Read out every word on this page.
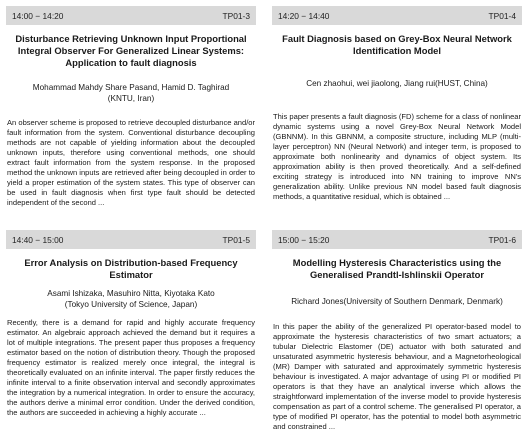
14:00 − 14:20	TP01-3
Disturbance Retrieving Unknown Input Proportional Integral Observer For Generalized Linear Systems: Application to fault diagnosis
Mohammad Mahdy Share Pasand, Hamid D. Taghirad
(KNTU, Iran)
An observer scheme is proposed to retrieve decoupled disturbance and/or fault information from the system. Conventional disturbance decoupling methods are not capable of yielding information about the decoupled unknown inputs, therefore using conventional methods, one should extract fault information from the system response. In the proposed method the unknown inputs are retrieved after being decoupled in order to yield a proper estimation of the system states. This type of observer can be used in fault diagnosis when first type fault should be detected independent of the second ...
14:20 − 14:40	TP01-4
Fault Diagnosis based on Grey-Box Neural Network Identification Model
Cen zhaohui, wei jiaolong, Jiang rui(HUST, China)
This paper presents a fault diagnosis (FD) scheme for a class of nonlinear dynamic systems using a novel Grey-Box Neural Network Model (GBNNM). In this GBNNM, a composite structure, including MLP (multi-layer perceptron) NN (Neural Network) and integer term, is proposed to approximate both nonlinearity and dynamics of object system. Its approximation ability is then proved theoretically. And a self-defined exciting strategy is introduced into NN training to improve NN's generalization ability. Unlike previous NN model based fault diagnosis methods, a quantitative residual, which is obtained ...
14:40 − 15:00	TP01-5
Error Analysis on Distribution-based Frequency Estimator
Asami Ishizaka, Masuhiro Nitta, Kiyotaka Kato
(Tokyo University of Science, Japan)
Recently, there is a demand for rapid and highly accurate frequency estimator. An algebraic approach achieved the demand but it requires a lot of multiple integrations. The present paper thus proposes a frequency estimator based on the notion of distribution theory. Though the proposed frequency estimator is realized merely once integral, the integral is theoretically evaluated on an infinite interval. The paper firstly reduces the infinite interval to a finite observation interval and secondly approximates the integration by a numerical integration. In order to ensure the accuracy, the authors derive a minimal error condition. Under the derived condition, the authors are succeeded in achieving a highly accurate ...
15:00 − 15:20	TP01-6
Modelling Hysteresis Characteristics using the Generalised Prandtl-Ishlinskii Operator
Richard Jones(University of Southern Denmark, Denmark)
In this paper the ability of the generalized PI operator-based model to approximate the hysteresis characteristics of two smart actuators; a tubular Dielectric Elastomer (DE) actuator with both saturated and unsaturated asymmetric hysteresis behaviour, and a Magnetorheological (MR) Damper with saturated and approximately symmetric hysteresis behaviour is investigated. A major advantage of using PI or modified PI operators is that they have an analytical inverse which allows the straightforward implementation of the inverse model to provide hysteresis compensation as part of a control scheme. The generalised PI operator, a type of modified PI operator, has the potential to model both asymmetric and constrained ...
